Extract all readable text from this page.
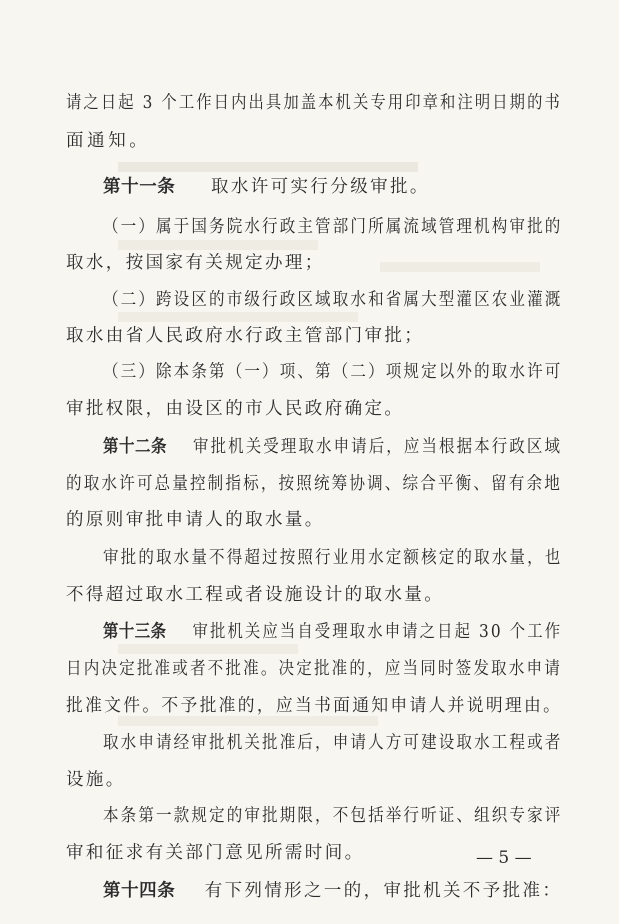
请之日起 3 个工作日内出具加盖本机关专用印章和注明日期的书
面通知。
第十一条 取水许可实行分级审批。
（一）属于国务院水行政主管部门所属流域管理机构审批的
取水，按国家有关规定办理；
（二）跨设区的市级行政区域取水和省属大型灌区农业灌溉
取水由省人民政府水行政主管部门审批；
（三）除本条第（一）项、第（二）项规定以外的取水许可
审批权限，由设区的市人民政府确定。
第十二条 审批机关受理取水申请后，应当根据本行政区域
的取水许可总量控制指标，按照统筹协调、综合平衡、留有余地
的原则审批申请人的取水量。
审批的取水量不得超过按照行业用水定额核定的取水量，也
不得超过取水工程或者设施设计的取水量。
第十三条 审批机关应当自受理取水申请之日起 30 个工作
日内决定批准或者不批准。决定批准的，应当同时签发取水申请
批准文件。不予批准的，应当书面通知申请人并说明理由。
取水申请经审批机关批准后，申请人方可建设取水工程或者
设施。
本条第一款规定的审批期限，不包括举行听证、组织专家评
审和征求有关部门意见所需时间。
第十四条 有下列情形之一的，审批机关不予批准：
— 5 —
